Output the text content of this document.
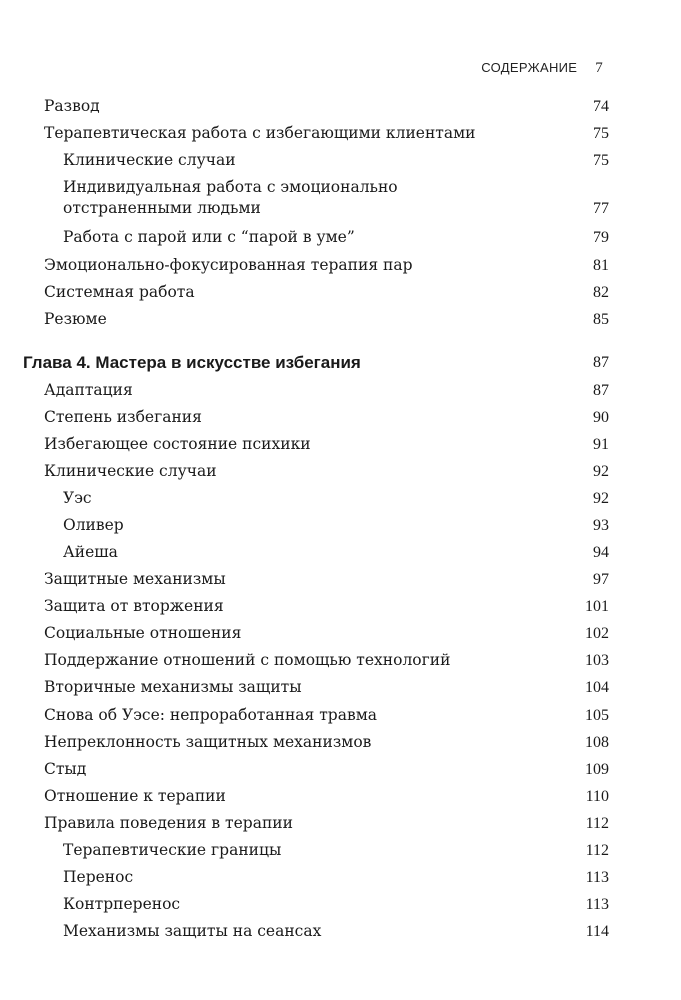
СОДЕРЖАНИЕ 7
Развод	74
Терапевтическая работа с избегающими клиентами	75
Клинические случаи	75
Индивидуальная работа с эмоционально отстраненными людьми	77
Работа с парой или с “парой в уме”	79
Эмоционально-фокусированная терапия пар	81
Системная работа	82
Резюме	85
Глава 4. Мастера в искусстве избегания	87
Адаптация	87
Степень избегания	90
Избегающее состояние психики	91
Клинические случаи	92
Уэс	92
Оливер	93
Айеша	94
Защитные механизмы	97
Защита от вторжения	101
Социальные отношения	102
Поддержание отношений с помощью технологий	103
Вторичные механизмы защиты	104
Снова об Уэсе: непроработанная травма	105
Непреклонность защитных механизмов	108
Стыд	109
Отношение к терапии	110
Правила поведения в терапии	112
Терапевтические границы	112
Перенос	113
Контрперенос	113
Механизмы защиты на сеансах	114
